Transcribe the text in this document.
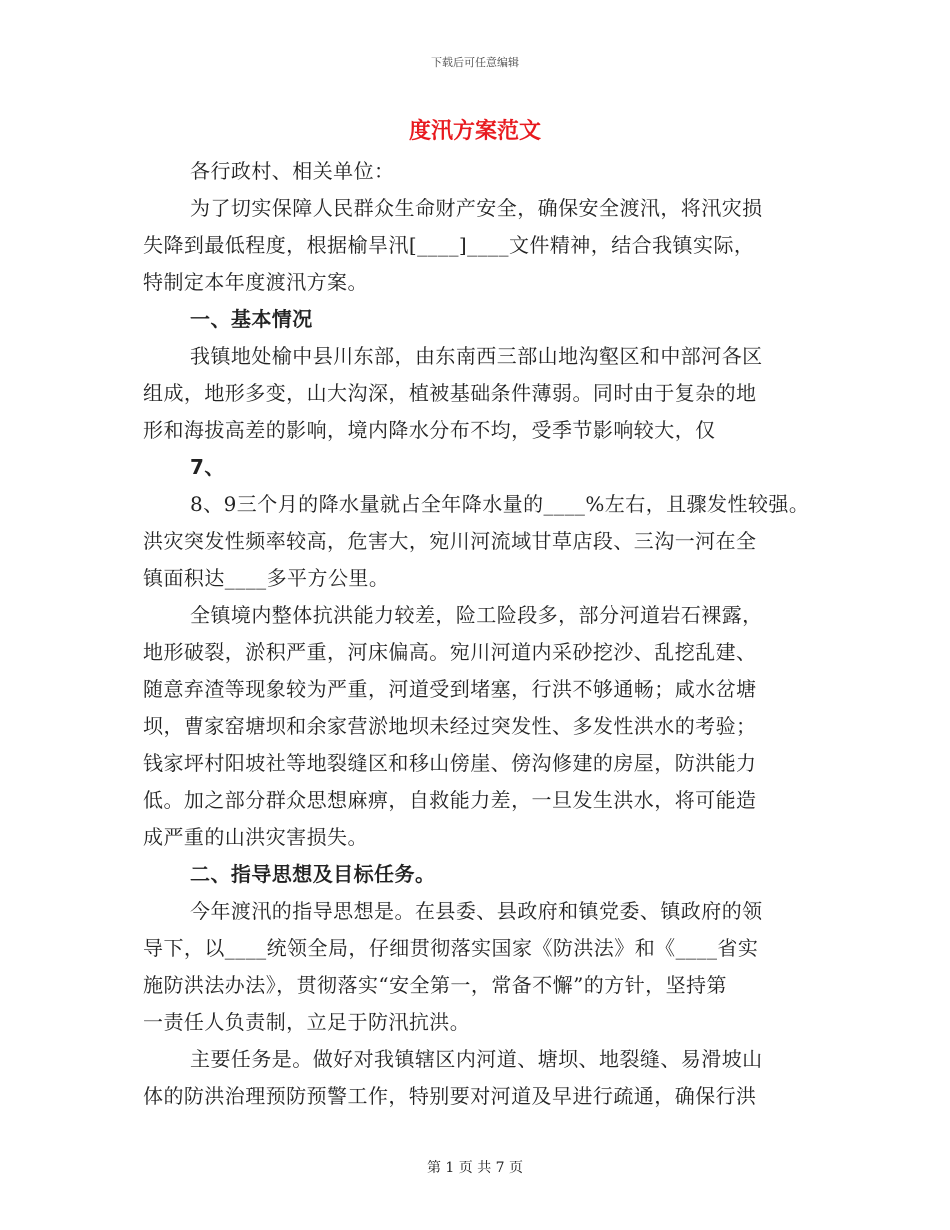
下载后可任意编辑
度汛方案范文
各行政村、相关单位：
为了切实保障人民群众生命财产安全，确保安全渡汛，将汛灾损
失降到最低程度，根据榆旱汛[____]____文件精神，结合我镇实际，
特制定本年度渡汛方案。
一、基本情况
我镇地处榆中县川东部，由东南西三部山地沟壑区和中部河各区
组成，地形多变，山大沟深，植被基础条件薄弱。同时由于复杂的地
形和海拔高差的影响，境内降水分布不均，受季节影响较大，仅
7、
8、9三个月的降水量就占全年降水量的____%左右，且骤发性较强。
洪灾突发性频率较高，危害大，宛川河流域甘草店段、三沟一河在全
镇面积达____多平方公里。
全镇境内整体抗洪能力较差，险工险段多，部分河道岩石裸露，
地形破裂，淤积严重，河床偏高。宛川河道内采砂挖沙、乱挖乱建、
随意弃渣等现象较为严重，河道受到堵塞，行洪不够通畅；咸水岔塘
坝，曹家窑塘坝和余家营淤地坝未经过突发性、多发性洪水的考验；
钱家坪村阳坡社等地裂缝区和移山傍崖、傍沟修建的房屋，防洪能力
低。加之部分群众思想麻痹，自救能力差，一旦发生洪水，将可能造
成严重的山洪灾害损失。
二、指导思想及目标任务。
今年渡汛的指导思想是。在县委、县政府和镇党委、镇政府的领
导下，以____统领全局，仔细贯彻落实国家《防洪法》和《____省实
施防洪法办法》，贯彻落实“安全第一，常备不懈”的方针，坚持第
一责任人负责制，立足于防汛抗洪。
主要任务是。做好对我镇辖区内河道、塘坝、地裂缝、易滑坡山
体的防洪治理预防预警工作，特别要对河道及早进行疏通，确保行洪
第 1 页 共 7 页
